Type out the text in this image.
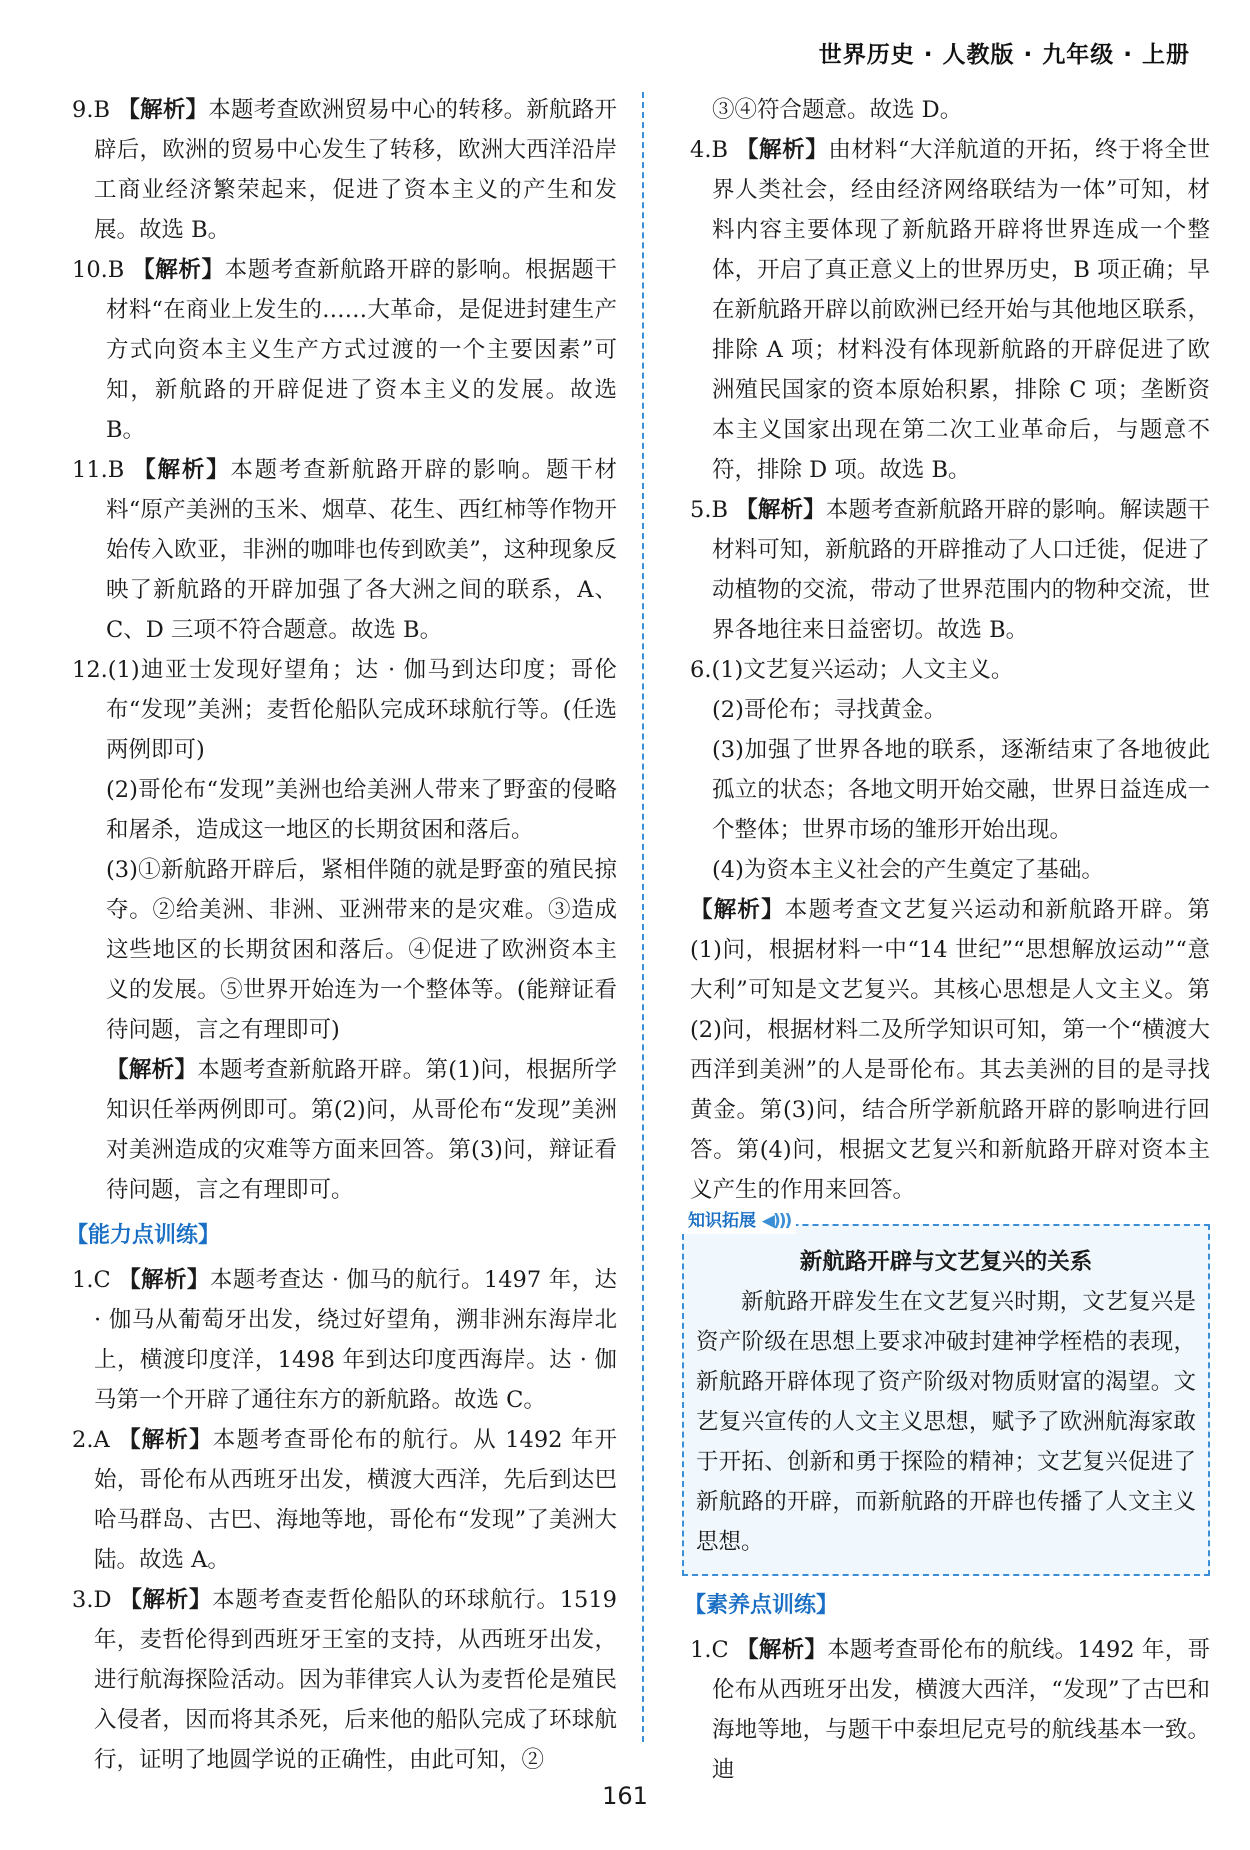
世界历史 · 人教版 · 九年级 · 上册

9.B 【解析】本题考查欧洲贸易中心的转移。新航路开辟后，欧洲的贸易中心发生了转移，欧洲大西洋沿岸工商业经济繁荣起来，促进了资本主义的产生和发展。故选 B。

10.B 【解析】本题考查新航路开辟的影响。根据题干材料“在商业上发生的……大革命，是促进封建生产方式向资本主义生产方式过渡的一个主要因素”可知，新航路的开辟促进了资本主义的发展。故选 B。

11.B 【解析】本题考查新航路开辟的影响。题干材料“原产美洲的玉米、烟草、花生、西红柿等作物开始传入欧亚，非洲的咖啡也传到欧美”，这种现象反映了新航路的开辟加强了各大洲之间的联系，A、C、D 三项不符合题意。故选 B。

12.(1)迪亚士发现好望角；达 · 伽马到达印度；哥伦布“发现”美洲；麦哲伦船队完成环球航行等。(任选两例即可)

(2)哥伦布“发现”美洲也给美洲人带来了野蛮的侵略和屠杀，造成这一地区的长期贫困和落后。

(3)①新航路开辟后，紧相伴随的就是野蛮的殖民掠夺。②给美洲、非洲、亚洲带来的是灾难。③造成这些地区的长期贫困和落后。④促进了欧洲资本主义的发展。⑤世界开始连为一个整体等。(能辩证看待问题，言之有理即可)

【解析】本题考查新航路开辟。第(1)问，根据所学知识任举两例即可。第(2)问，从哥伦布“发现”美洲对美洲造成的灾难等方面来回答。第(3)问，辩证看待问题，言之有理即可。

【能力点训练】

1.C 【解析】本题考查达 · 伽马的航行。1497 年，达 · 伽马从葡萄牙出发，绕过好望角，溯非洲东海岸北上，横渡印度洋，1498 年到达印度西海岸。达 · 伽马第一个开辟了通往东方的新航路。故选 C。

2.A 【解析】本题考查哥伦布的航行。从 1492 年开始，哥伦布从西班牙出发，横渡大西洋，先后到达巴哈马群岛、古巴、海地等地，哥伦布“发现”了美洲大陆。故选 A。

3.D 【解析】本题考查麦哲伦船队的环球航行。1519 年，麦哲伦得到西班牙王室的支持，从西班牙出发，进行航海探险活动。因为菲律宾人认为麦哲伦是殖民入侵者，因而将其杀死，后来他的船队完成了环球航行，证明了地圆学说的正确性，由此可知，②

③④符合题意。故选 D。

4.B 【解析】由材料“大洋航道的开拓，终于将全世界人类社会，经由经济网络联结为一体”可知，材料内容主要体现了新航路开辟将世界连成一个整体，开启了真正意义上的世界历史，B 项正确；早在新航路开辟以前欧洲已经开始与其他地区联系，排除 A 项；材料没有体现新航路的开辟促进了欧洲殖民国家的资本原始积累，排除 C 项；垄断资本主义国家出现在第二次工业革命后，与题意不符，排除 D 项。故选 B。

5.B 【解析】本题考查新航路开辟的影响。解读题干材料可知，新航路的开辟推动了人口迁徙，促进了动植物的交流，带动了世界范围内的物种交流，世界各地往来日益密切。故选 B。

6.(1)文艺复兴运动；人文主义。

(2)哥伦布；寻找黄金。

(3)加强了世界各地的联系，逐渐结束了各地彼此孤立的状态；各地文明开始交融，世界日益连成一个整体；世界市场的雏形开始出现。

(4)为资本主义社会的产生奠定了基础。

【解析】本题考查文艺复兴运动和新航路开辟。第(1)问，根据材料一中“14 世纪”“思想解放运动”“意大利”可知是文艺复兴。其核心思想是人文主义。第(2)问，根据材料二及所学知识可知，第一个“横渡大西洋到美洲”的人是哥伦布。其去美洲的目的是寻找黄金。第(3)问，结合所学新航路开辟的影响进行回答。第(4)问，根据文艺复兴和新航路开辟对资本主义产生的作用来回答。

知识拓展 ◀)))
新航路开辟与文艺复兴的关系

新航路开辟发生在文艺复兴时期，文艺复兴是资产阶级在思想上要求冲破封建神学桎梏的表现，新航路开辟体现了资产阶级对物质财富的渴望。文艺复兴宣传的人文主义思想，赋予了欧洲航海家敢于开拓、创新和勇于探险的精神；文艺复兴促进了新航路的开辟，而新航路的开辟也传播了人文主义思想。

【素养点训练】

1.C 【解析】本题考查哥伦布的航线。1492 年，哥伦布从西班牙出发，横渡大西洋，“发现”了古巴和海地等地，与题干中泰坦尼克号的航线基本一致。迪

161
